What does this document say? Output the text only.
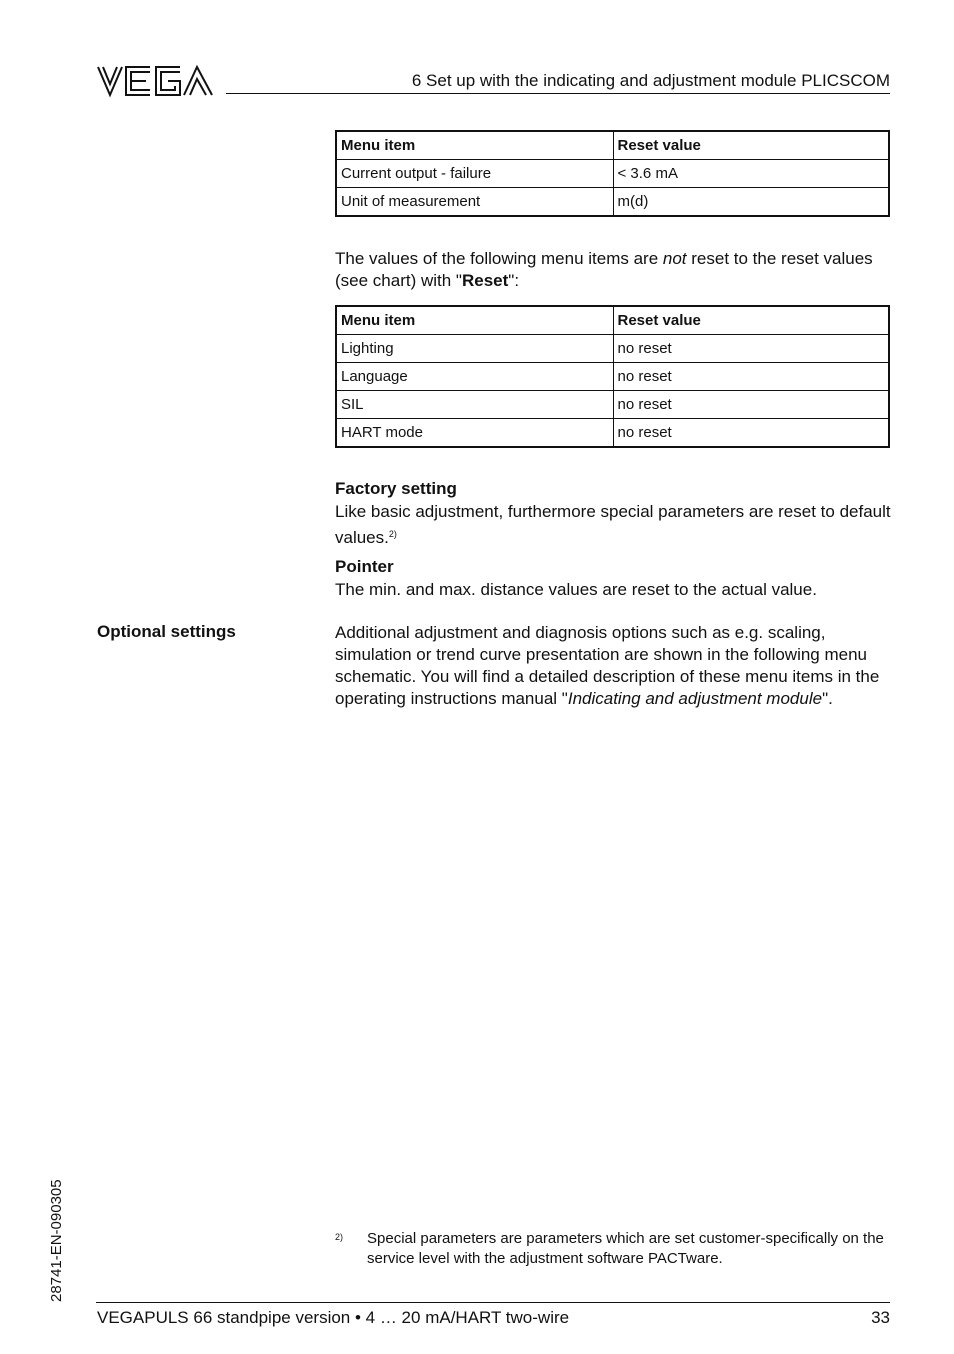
6 Set up with the indicating and adjustment module PLICSCOM
Menu item	Reset value
Current output - failure	< 3.6 mA
Unit of measurement	m(d)
The values of the following menu items are not reset to the reset values (see chart) with "Reset":
Menu item	Reset value
Lighting	no reset
Language	no reset
SIL	no reset
HART mode	no reset
Factory setting
Like basic adjustment, furthermore special parameters are reset to default values.$^{2)}$
Pointer
The min. and max. distance values are reset to the actual value.
Optional settings	Additional adjustment and diagnosis options such as e.g. scaling, simulation or trend curve presentation are shown in the following menu schematic. You will find a detailed description of these menu items in the operating instructions manual "Indicating and adjustment module".
28741-EN-090305	2) Special parameters are parameters which are set customer-specifically on the service level with the adjustment software PACTware.
VEGAPULS 66 standpipe version • 4 … 20 mA/HART two-wire	33
